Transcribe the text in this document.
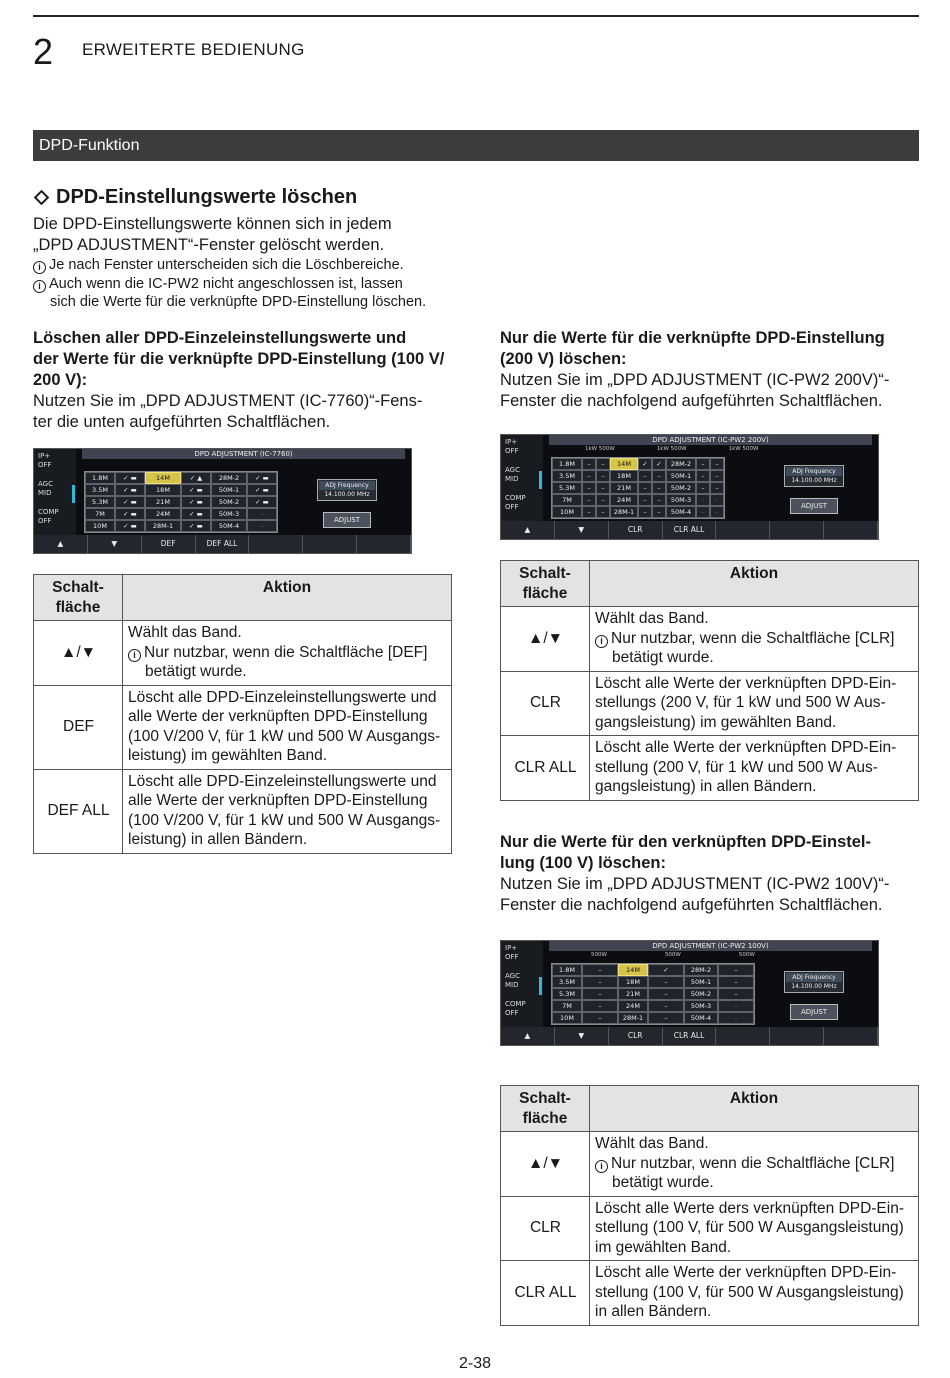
2 ERWEITERTE BEDIENUNG
DPD-Funktion
DPD-Einstellungswerte löschen
Die DPD-Einstellungswerte können sich in jedem
„DPD ADJUSTMENT“-Fenster gelöscht werden.
i Je nach Fenster unterscheiden sich die Löschbereiche.
i Auch wenn die IC-PW2 nicht angeschlossen ist, lassen
sich die Werte für die verknüpfte DPD-Einstellung löschen.
Löschen aller DPD-Einzeleinstellungswerte und
der Werte für die verknüpfte DPD-Einstellung (100 V/
200 V):
Nutzen Sie im „DPD ADJUSTMENT (IC-7760)“-Fens-
ter die unten aufgeführten Schaltflächen.
IP+
OFF
AGC
MID
COMP
OFF
DPD ADJUSTMENT (IC-7760)
1.8M	✓ ▬	14M	✓ ▲	28M-2	✓ ▬
3.5M	✓ ▬	18M	✓ ▬	50M-1	✓ ▬
5.3M	✓ ▬	21M	✓ ▬	50M-2	✓ ▬
7M	✓ ▬	24M	✓ ▬	50M-3	–
10M	✓ ▬	28M-1	✓ ▬	50M-4	–
ADJ Frequency
14.100.00 MHz
ADJUST
▲	▼	DEF	DEF ALL
Schalt-
fläche	Aktion
▲/▼	Wählt das Band.
i Nur nutzbar, wenn die Schaltfläche [DEF]
betätigt wurde.

DEF	Löscht alle DPD-Einzeleinstellungswerte und
alle Werte der verknüpften DPD-Einstellung
(100 V/200 V, für 1 kW und 500 W Ausgangs-
leistung) im gewählten Band.

DEF ALL	Löscht alle DPD-Einzeleinstellungswerte und
alle Werte der verknüpften DPD-Einstellung
(100 V/200 V, für 1 kW und 500 W Ausgangs-
leistung) in allen Bändern.
Nur die Werte für die verknüpfte DPD-Einstellung
(200 V) löschen:
Nutzen Sie im „DPD ADJUSTMENT (IC-PW2 200V)“-
Fenster die nachfolgend aufgeführten Schaltflächen.
IP+
OFF
AGC
MID
COMP
OFF
DPD ADJUSTMENT (IC-PW2 200V)
1kW 500W	1kW 500W	1kW 500W
1.8M	–	–	14M	✓	✓	28M-2	–	–
3.5M	–	–	18M	–	–	50M-1	–	–
5.3M	–	–	21M	–	–	50M-2	–	–
7M	–	–	24M	–	–	50M-3	–	–
10M	–	–	28M-1	–	–	50M-4	–	–
ADJ Frequency
14.100.00 MHz
ADJUST
▲	▼	CLR	CLR ALL
Schalt-
fläche	Aktion
▲/▼	Wählt das Band.
i Nur nutzbar, wenn die Schaltfläche [CLR]
betätigt wurde.

CLR	Löscht alle Werte der verknüpften DPD-Ein-
stellungs (200 V, für 1 kW und 500 W Aus-
gangsleistung) im gewählten Band.

CLR ALL	Löscht alle Werte der verknüpften DPD-Ein-
stellung (200 V, für 1 kW und 500 W Aus-
gangsleistung) in allen Bändern.
Nur die Werte für den verknüpften DPD-Einstel-
lung (100 V) löschen:
Nutzen Sie im „DPD ADJUSTMENT (IC-PW2 100V)“-
Fenster die nachfolgend aufgeführten Schaltflächen.
IP+
OFF
AGC
MID
COMP
OFF
DPD ADJUSTMENT (IC-PW2 100V)
500W	500W	500W
1.8M	–	14M	✓	28M-2	–
3.5M	–	18M	–	50M-1	–
5.3M	–	21M	–	50M-2	–
7M	–	24M	–	50M-3	–
10M	–	28M-1	–	50M-4	–
ADJ Frequency
14.100.00 MHz
ADJUST
▲	▼	CLR	CLR ALL
Schalt-
fläche	Aktion
▲/▼	Wählt das Band.
i Nur nutzbar, wenn die Schaltfläche [CLR]
betätigt wurde.

CLR	Löscht alle Werte ders verknüpften DPD-Ein-
stellung (100 V, für 500 W Ausgangsleistung)
im gewählten Band.

CLR ALL	Löscht alle Werte der verknüpften DPD-Ein-
stellung (100 V, für 500 W Ausgangsleistung)
in allen Bändern.
2-38
